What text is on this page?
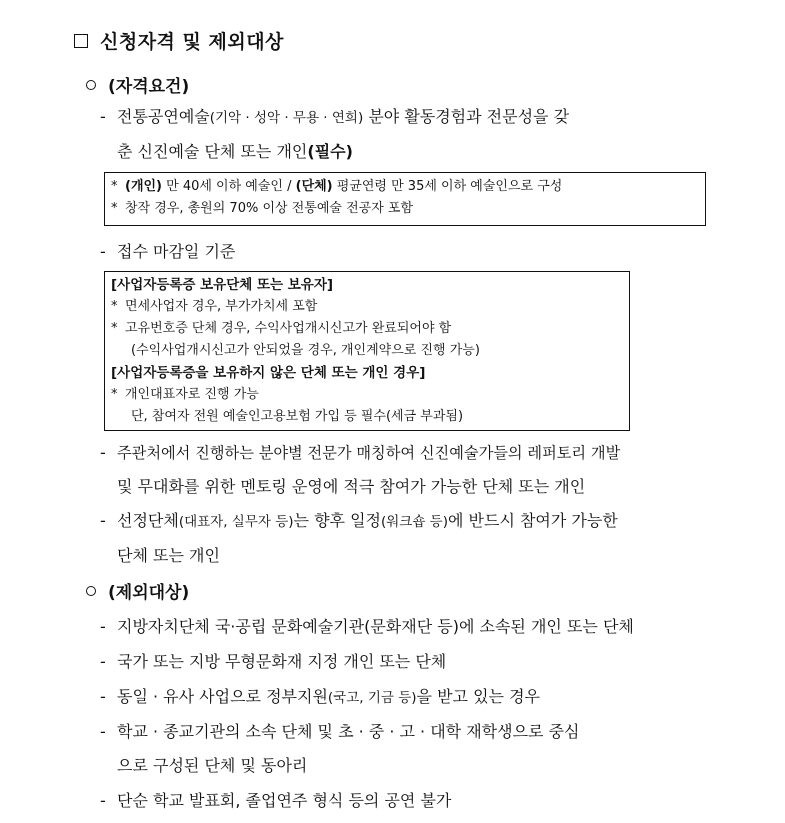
신청자격 및 제외대상
(자격요건)
- 전통공연예술(기악 · 성악 · 무용 · 연희) 분야 활동경험과 전문성을 갖
춘 신진예술 단체 또는 개인(필수)
* (개인) 만 40세 이하 예술인 / (단체) 평균연령 만 35세 이하 예술인으로 구성
* 창작 경우, 총원의 70% 이상 전통예술 전공자 포함
- 접수 마감일 기준
[사업자등록증 보유단체 또는 보유자]
* 면세사업자 경우, 부가가치세 포함
* 고유번호증 단체 경우, 수익사업개시신고가 완료되어야 함
(수익사업개시신고가 안되었을 경우, 개인계약으로 진행 가능)
[사업자등록증을 보유하지 않은 단체 또는 개인 경우]
* 개인대표자로 진행 가능
단, 참여자 전원 예술인고용보험 가입 등 필수(세금 부과됨)
- 주관처에서 진행하는 분야별 전문가 매칭하여 신진예술가들의 레퍼토리 개발
및 무대화를 위한 멘토링 운영에 적극 참여가 가능한 단체 또는 개인
- 선정단체(대표자, 실무자 등)는 향후 일정(워크숍 등)에 반드시 참여가 가능한
단체 또는 개인
(제외대상)
- 지방자치단체 국·공립 문화예술기관(문화재단 등)에 소속된 개인 또는 단체
- 국가 또는 지방 무형문화재 지정 개인 또는 단체
- 동일 · 유사 사업으로 정부지원(국고, 기금 등)을 받고 있는 경우
- 학교 · 종교기관의 소속 단체 및 초 · 중 · 고 · 대학 재학생으로 중심
으로 구성된 단체 및 동아리
- 단순 학교 발표회, 졸업연주 형식 등의 공연 불가
